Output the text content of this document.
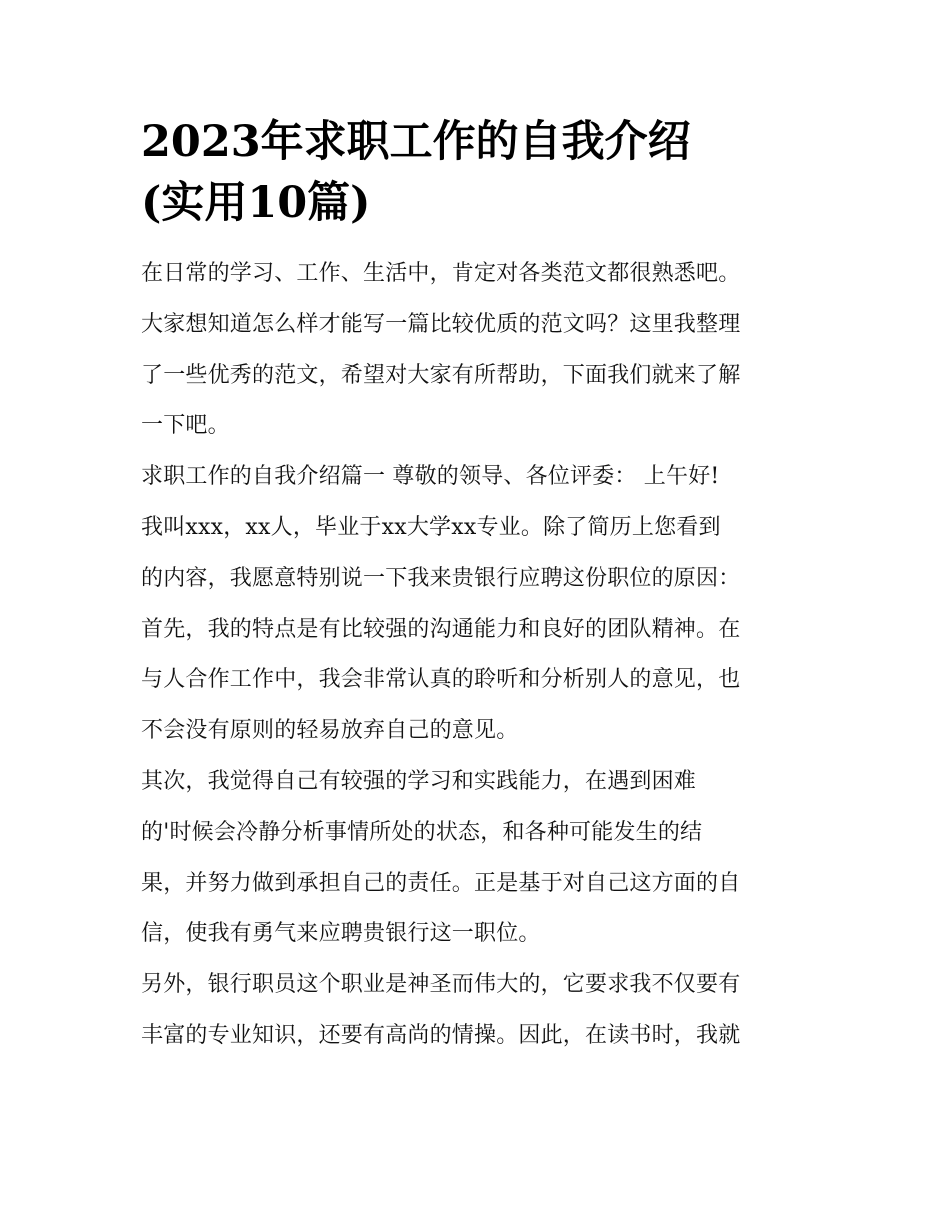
2023年求职工作的自我介绍
(实用10篇)
在日常的学习、工作、生活中，肯定对各类范文都很熟悉吧。
大家想知道怎么样才能写一篇比较优质的范文吗？这里我整理
了一些优秀的范文，希望对大家有所帮助，下面我们就来了解
一下吧。
求职工作的自我介绍篇一 尊敬的领导、各位评委： 上午好!
我叫xxx，xx人，毕业于xx大学xx专业。除了简历上您看到
的内容，我愿意特别说一下我来贵银行应聘这份职位的原因：
首先，我的特点是有比较强的沟通能力和良好的团队精神。在
与人合作工作中，我会非常认真的聆听和分析别人的意见，也
不会没有原则的轻易放弃自己的意见。
其次，我觉得自己有较强的学习和实践能力，在遇到困难
的'时候会冷静分析事情所处的状态，和各种可能发生的结
果，并努力做到承担自己的责任。正是基于对自己这方面的自
信，使我有勇气来应聘贵银行这一职位。
另外，银行职员这个职业是神圣而伟大的，它要求我不仅要有
丰富的专业知识，还要有高尚的情操。因此，在读书时，我就
